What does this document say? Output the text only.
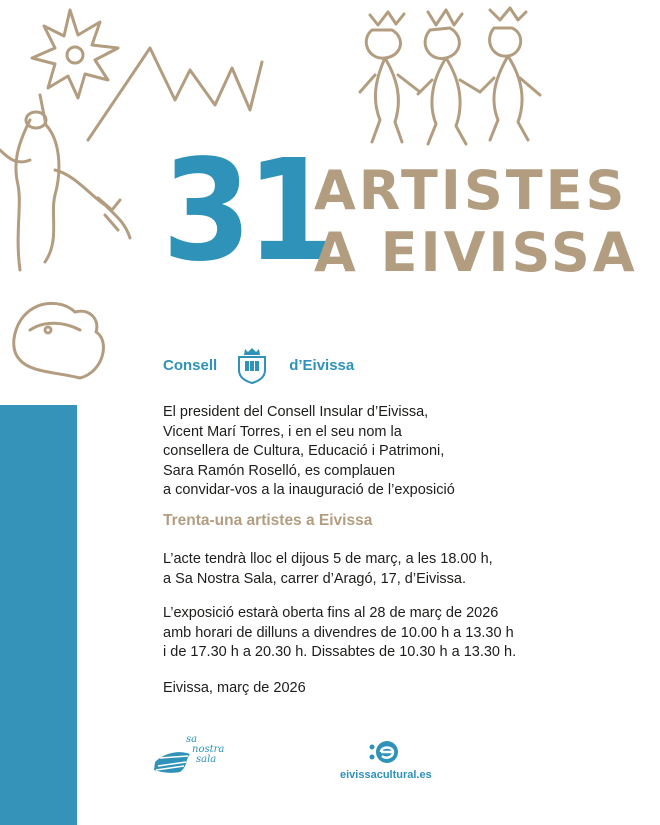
31
ARTISTES
A EIVISSA
Consell	d’Eivissa

El president del Consell Insular d’Eivissa,

Vicent Marí Torres, i en el seu nom la

consellera de Cultura, Educació i Patrimoni,

Sara Ramón Roselló, es complauen

a convidar-vos a la inauguració de l’exposició

Trenta-una artistes a Eivissa

L’acte tendrà lloc el dijous 5 de març, a les 18.00 h,

a Sa Nostra Sala, carrer d’Aragó, 17, d’Eivissa.

L’exposició estarà oberta fins al 28 de març de 2026

amb horari de dilluns a divendres de 10.00 h a 13.30 h

i de 17.30 h a 20.30 h. Dissabtes de 10.30 h a 13.30 h.

Eivissa, març de 2026
sa
nostra
sala
eivissacultural.es
